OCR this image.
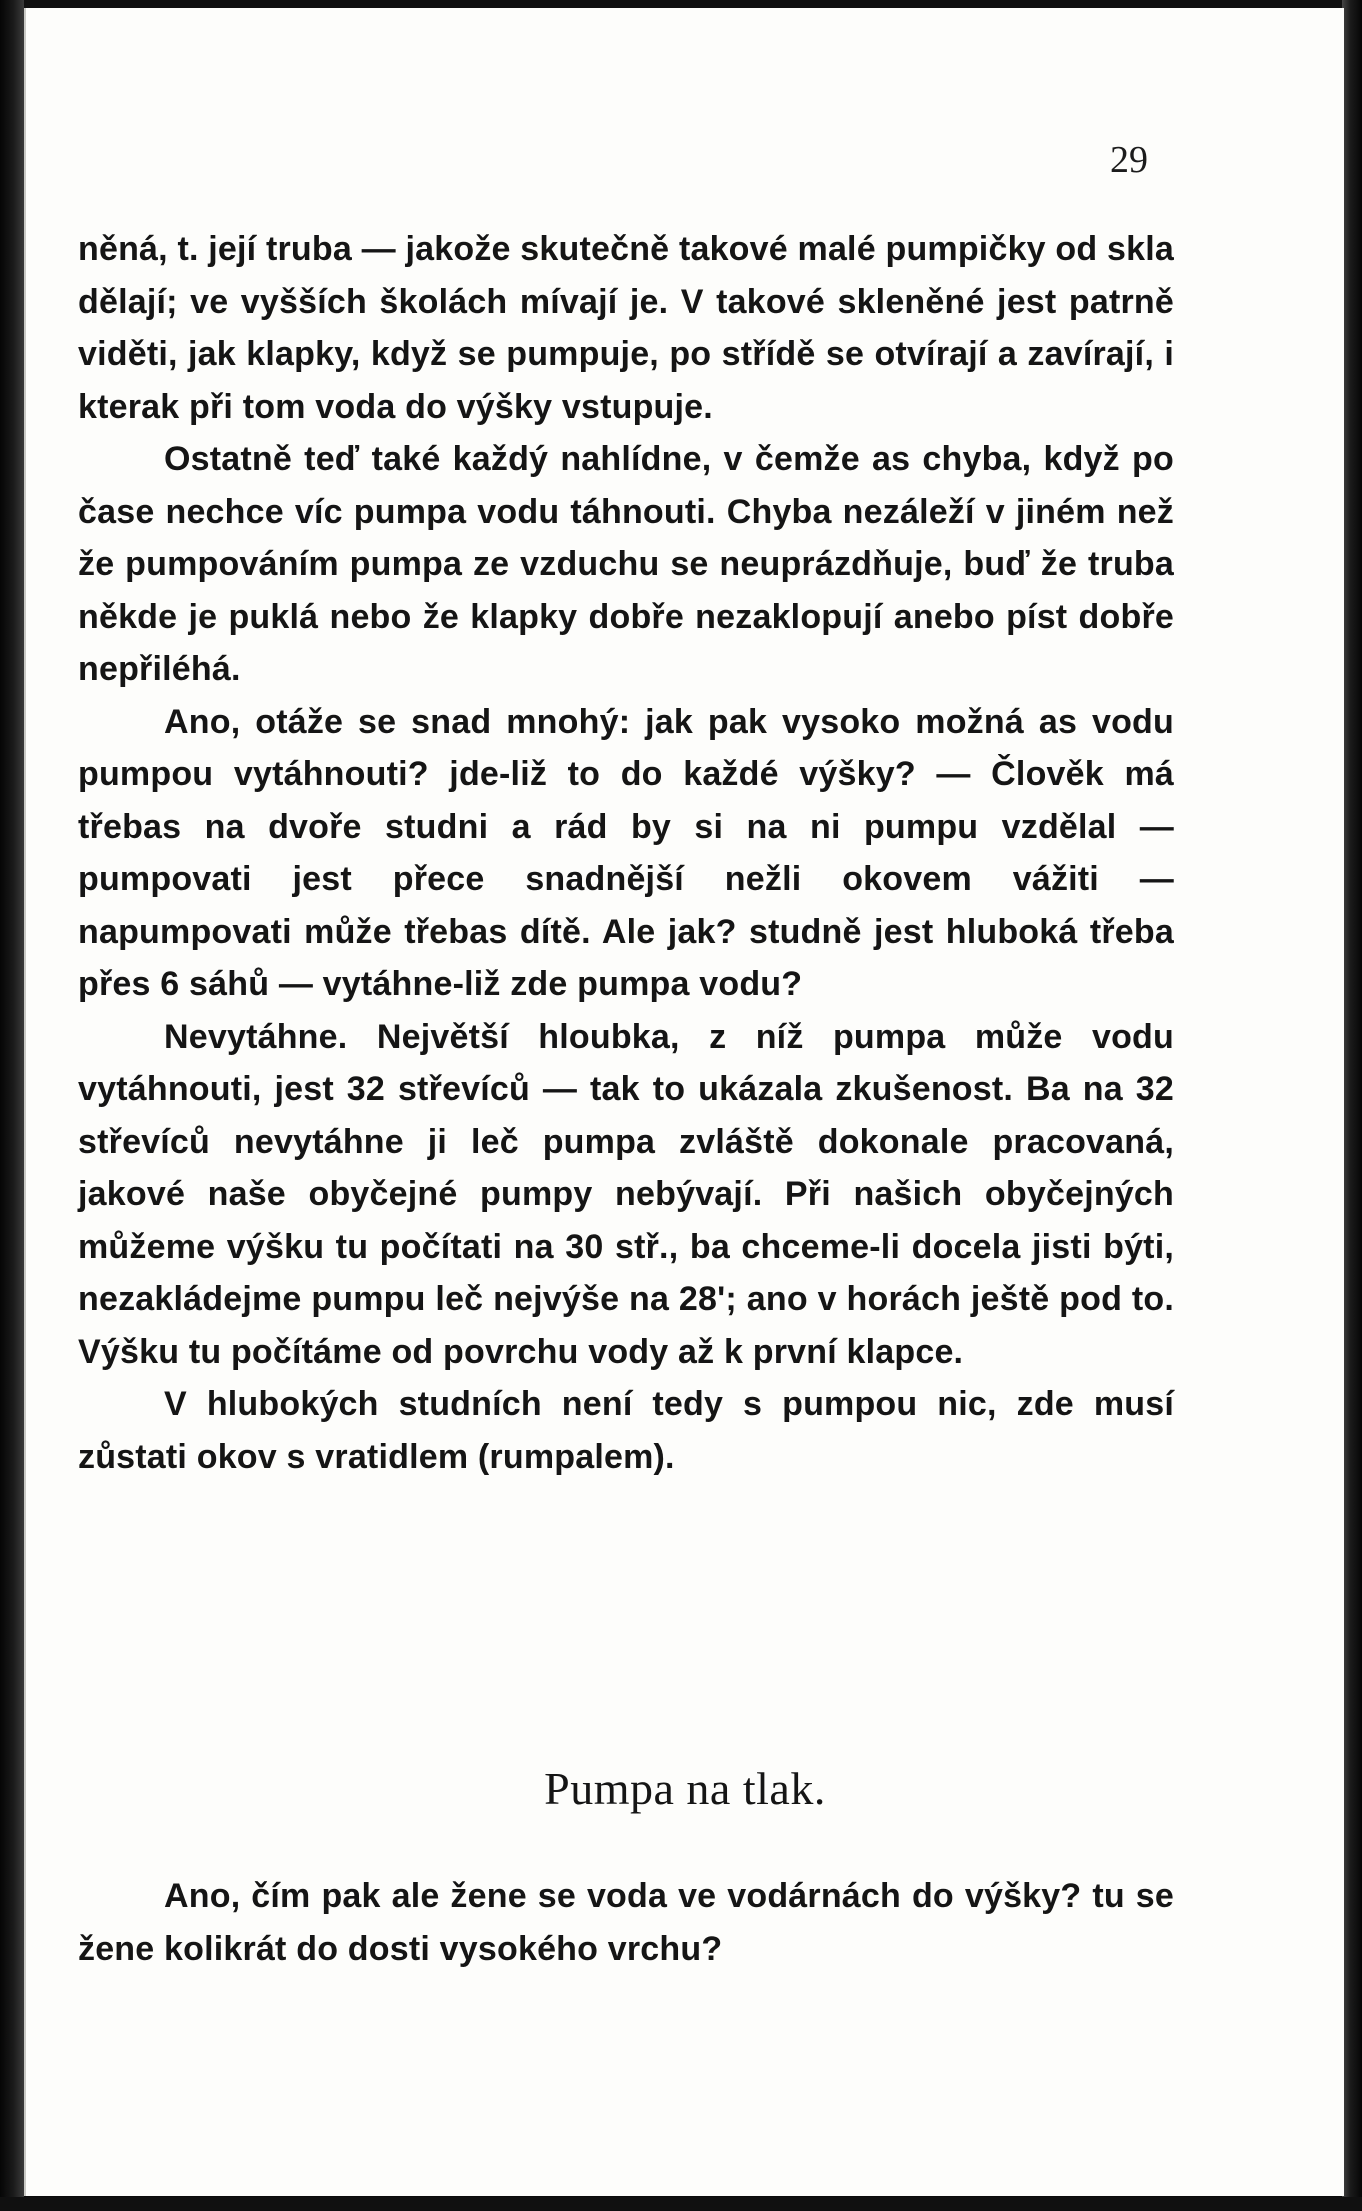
29

něná, t. její truba — jakože skutečně takové malé pumpičky od skla dělají; ve vyšších školách mívají je. V takové skleněné jest patrně viděti, jak klapky, když se pumpuje, po střídě se otvírají a zavírají, i kterak při tom voda do výšky vstupuje.

Ostatně teď také každý nahlídne, v čemže as chyba, když po čase nechce víc pumpa vodu táhnouti. Chyba nezáleží v jiném než že pumpováním pumpa ze vzduchu se neuprázdňuje, buď že truba někde je puklá nebo že klapky dobře nezaklopují anebo píst dobře nepřiléhá.

Ano, otáže se snad mnohý: jak pak vysoko možná as vodu pumpou vytáhnouti? jde-liž to do každé výšky? — Člověk má třebas na dvoře studni a rád by si na ni pumpu vzdělal — pumpovati jest přece snadnější nežli okovem vážiti — napumpovati může třebas dítě. Ale jak? studně jest hluboká třeba přes 6 sáhů — vytáhne-liž zde pumpa vodu?

Nevytáhne. Největší hloubka, z níž pumpa může vodu vytáhnouti, jest 32 střevíců — tak to ukázala zkušenost. Ba na 32 střevíců nevytáhne ji leč pumpa zvláště dokonale pracovaná, jakové naše obyčejné pumpy nebývají. Při našich obyčejných můžeme výšku tu počítati na 30 stř., ba chceme-li docela jisti býti, nezakládejme pumpu leč nejvýše na 28'; ano v horách ještě pod to. Výšku tu počítáme od povrchu vody až k první klapce.

V hlubokých studních není tedy s pumpou nic, zde musí zůstati okov s vratidlem (rumpalem).

Pumpa na tlak.

Ano, čím pak ale žene se voda ve vodárnách do výšky? tu se žene kolikrát do dosti vysokého vrchu?
